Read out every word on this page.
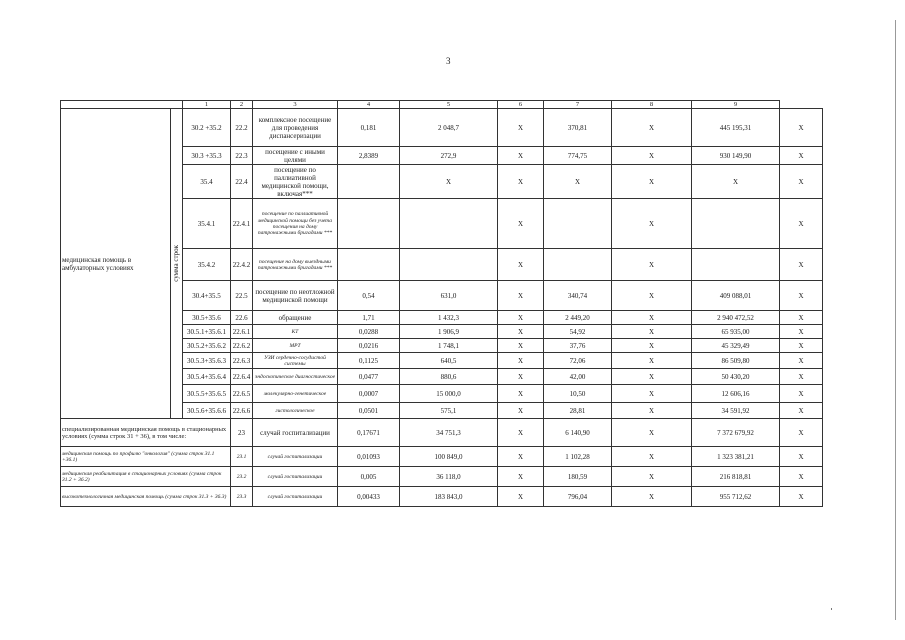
3
		1	2	3	4	5	6	7	8	9	
медицинская помощь в амбулаторных условиях	сумма строк	30.2 +35.2	22.2	комплексное посещение для проведения диспансеризации	0,181	2 048,7	X	370,81	X	445 195,31	X
		30.3 +35.3	22.3	посещение с иными целями	2,8389	272,9	X	774,75	X	930 149,90	X
		35.4	22.4	посещение по паллиативной медицинской помощи, включая***		X	X	X	X	X	X
		35.4.1	22.4.1	посещение по паллиативной медицинской помощи без учета посещения на дому патронажными бригадами ***			X		X		X
		35.4.2	22.4.2	посещение на дому выездными патронажными бригадами ***			X		X		X
		30.4+35.5	22.5	посещение по неотложной медицинской помощи	0,54	631,0	X	340,74	X	409 088,01	X
		30.5+35.6	22.6	обращение	1,71	1 432,3	X	2 449,20	X	2 940 472,52	X
		30.5.1+35.6.1	22.6.1	КТ	0,0288	1 906,9	X	54,92	X	65 935,00	X
		30.5.2+35.6.2	22.6.2	МРТ	0,0216	1 748,1	X	37,76	X	45 329,49	X
		30.5.3+35.6.3	22.6.3	УЗИ сердечно-сосудистой системы	0,1125	640,5	X	72,06	X	86 509,80	X
		30.5.4+35.6.4	22.6.4	эндоскопическое диагностическое	0,0477	880,6	X	42,00	X	50 430,20	X
		30.5.5+35.6.5	22.6.5	молекулярно-генетическое	0,0007	15 000,0	X	10,50	X	12 606,16	X
		30.5.6+35.6.6	22.6.6	гистологическое	0,0501	575,1	X	28,81	X	34 591,92	X
специализированная медицинская помощь в стационарных условиях (сумма строк 31 + 36), в том числе:			23	случай госпитализации	0,17671	34 751,3	X	6 140,90	X	7 372 679,92	X
медицинская помощь по профилю "онкология" (сумма строк 31.1 +36.1)			23.1	случай госпитализации	0,01093	100 849,0	X	1 102,28	X	1 323 381,21	X
медицинская реабилитация в стационарных условиях (сумма строк 31.2 + 36.2)			23.2	случай госпитализации	0,005	36 118,0	X	180,59	X	216 818,81	X
высокотехнологичная медицинская помощь (сумма строк 31.3 + 36.3)			23.3	случай госпитализации	0,00433	183 843,0	X	796,04	X	955 712,62	X
